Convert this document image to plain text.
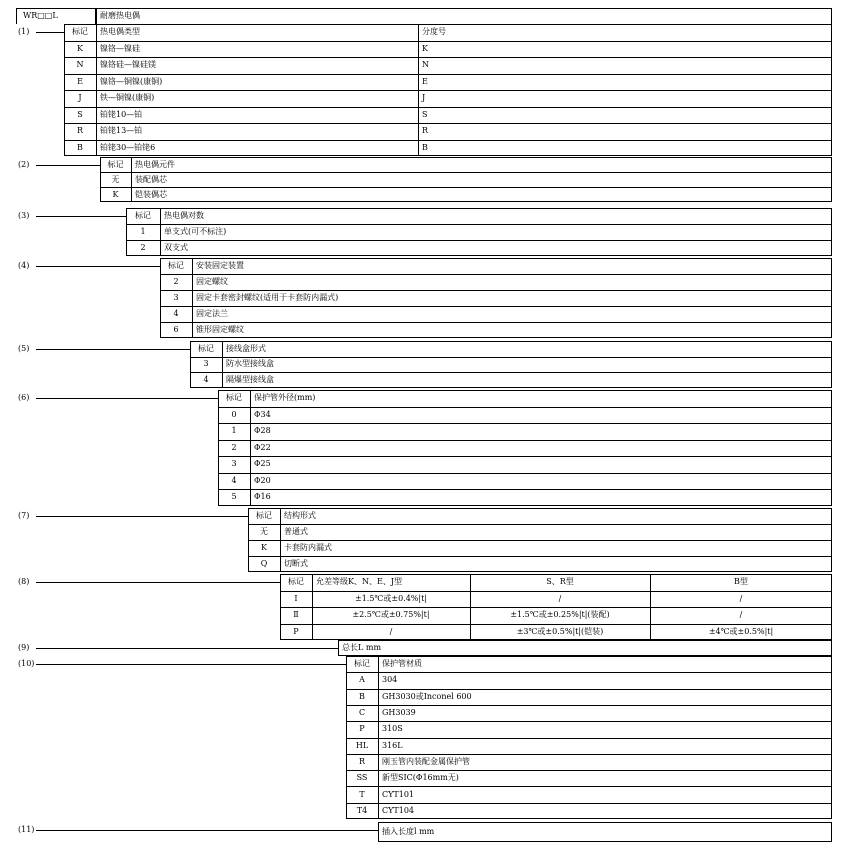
WR□□L	耐磨热电偶
(1)	标记 热电偶类型	分度号
K 镍铬—镍硅	K
N 镍铬硅—镍硅镁	N
E 镍铬—铜镍(康铜)	E
J 铁—铜镍(康铜)	J
S 铂铑10—铂	S
R 铂铑13—铂	R
B 铂铑30—铂铑6	B
(2)	标记 热电偶元件
无 装配偶芯
K 铠装偶芯
(3)	标记 热电偶对数
1 单支式(可不标注)
2 双支式
(4)	标记 安装固定装置
2 固定螺纹
3 固定卡套密封螺纹(适用于卡套防内漏式)
4 固定法兰
6 锥形固定螺纹
(5)	标记 接线盒形式
3 防水型接线盒
4 隔爆型接线盒
(6)	标记 保护管外径(mm)
0 Φ34
1 Φ28
2 Φ22
3 Φ25
4 Φ20
5 Φ16
(7)	标记 结构形式
无 普通式
K 卡套防内漏式
Q 切断式
(8)	标记 允差等级K、N、E、J型	S、R型	B型
Ⅰ	±1.5℃或±0.4%|t|	/	/
Ⅱ	±2.5℃或±0.75%|t|	±1.5℃或±0.25%|t|(装配)	/
P	/	±3℃或±0.5%|t|(铠装)	±4℃或±0.5%|t|
(9)	总长L mm
(10)	标记 保护管材质
A 304
B GH3030或Inconel 600
C GH3039
P 310S
HL 316L
R 刚玉管内装配金属保护管
SS 新型SIC(Φ16mm无)
T CYT101
T4 CYT104
(11)	插入长度l mm
